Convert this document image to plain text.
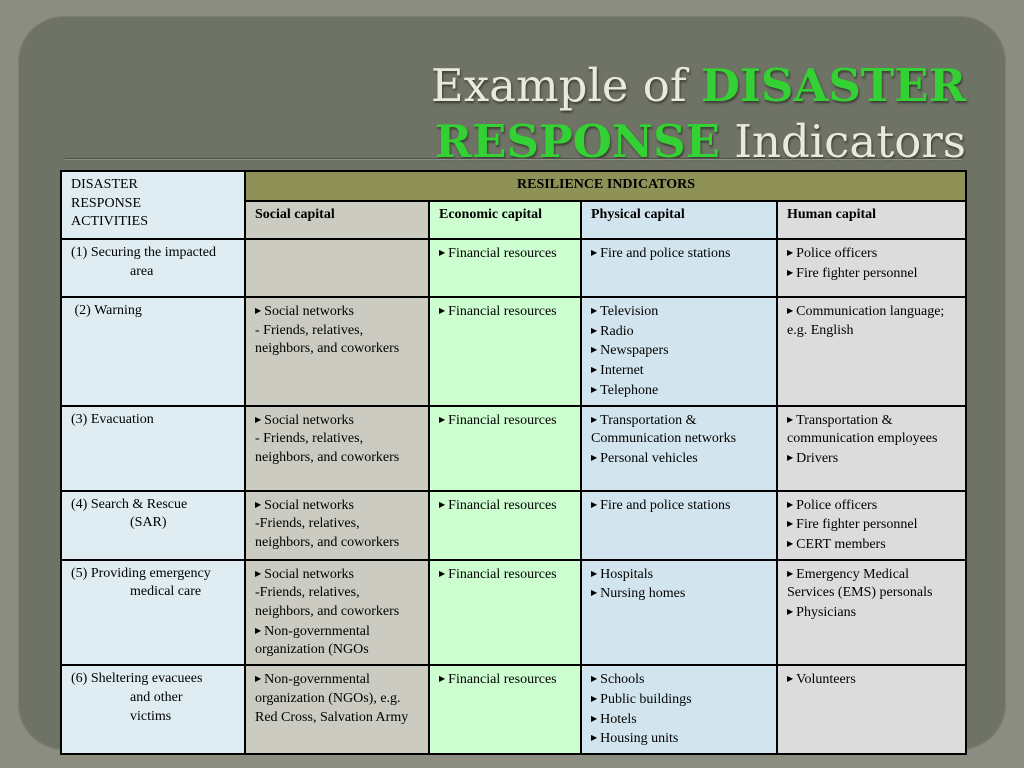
Example of DISASTER
RESPONSE Indicators
DISASTER
RESPONSE
ACTIVITIES	RESILIENCE INDICATORS			
	Social capital	Economic capital	Physical capital	Human capital

(1) Securing the impacted
area		▶ Financial resources	▶ Fire and police stations	▶ Police officers
▶ Fire fighter personnel

(2) Warning	▶ Social networks
- Friends, relatives, neighbors, and coworkers	▶ Financial resources	▶ Television
▶ Radio
▶ Newspapers
▶ Internet
▶ Telephone	▶ Communication language; e.g. English

(3) Evacuation	▶ Social networks
- Friends, relatives, neighbors, and coworkers	▶ Financial resources	▶ Transportation & Communication networks
▶ Personal vehicles	▶ Transportation & communication employees
▶ Drivers

(4) Search & Rescue
(SAR)	▶ Social networks
-Friends, relatives, neighbors, and coworkers	▶ Financial resources	▶ Fire and police stations	▶ Police officers
▶ Fire fighter personnel
▶ CERT members

(5) Providing emergency
medical care	▶ Social networks
-Friends, relatives, neighbors, and coworkers
▶ Non-governmental organization (NGOs	▶ Financial resources	▶ Hospitals
▶ Nursing homes	▶ Emergency Medical Services (EMS) personals
▶ Physicians

(6) Sheltering evacuees
and other
victims	▶ Non-governmental organization (NGOs), e.g. Red Cross, Salvation Army	▶ Financial resources	▶ Schools
▶ Public buildings
▶ Hotels
▶ Housing units	▶ Volunteers
